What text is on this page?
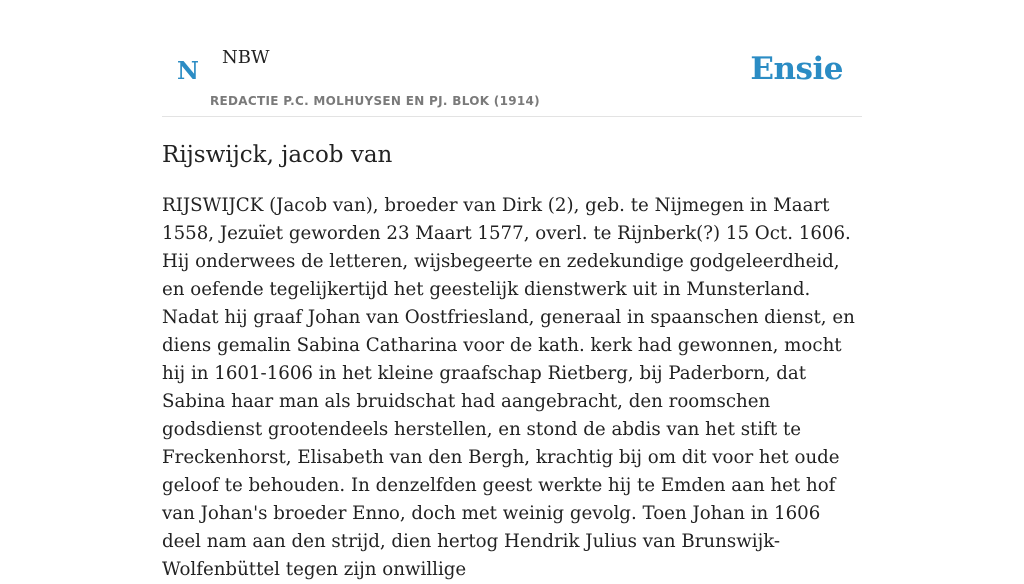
N NBW
REDACTIE P.C. MOLHUYSEN EN PJ. BLOK (1914)
Ensie
Rijswijck, jacob van

RIJSWIJCK (Jacob van), broeder van Dirk (2), geb. te Nijmegen in Maart 1558, Jezuïet geworden 23 Maart 1577, overl. te Rijnberk(?) 15 Oct. 1606. Hij onderwees de letteren, wijsbegeerte en zedekundige godgeleerdheid, en oefende tegelijkertijd het geestelijk dienstwerk uit in Munsterland. Nadat hij graaf Johan van Oostfriesland, generaal in spaanschen dienst, en diens gemalin Sabina Catharina voor de kath. kerk had gewonnen, mocht hij in 1601-1606 in het kleine graafschap Rietberg, bij Paderborn, dat Sabina haar man als bruidschat had aangebracht, den roomschen godsdienst grootendeels herstellen, en stond de abdis van het stift te Freckenhorst, Elisabeth van den Bergh, krachtig bij om dit voor het oude geloof te behouden. In denzelfden geest werkte hij te Emden aan het hof van Johan's broeder Enno, doch met weinig gevolg. Toen Johan in 1606 deel nam aan den strijd, dien hertog Hendrik Julius van Brunswijk-Wolfenbüttel tegen zijn onwillige
